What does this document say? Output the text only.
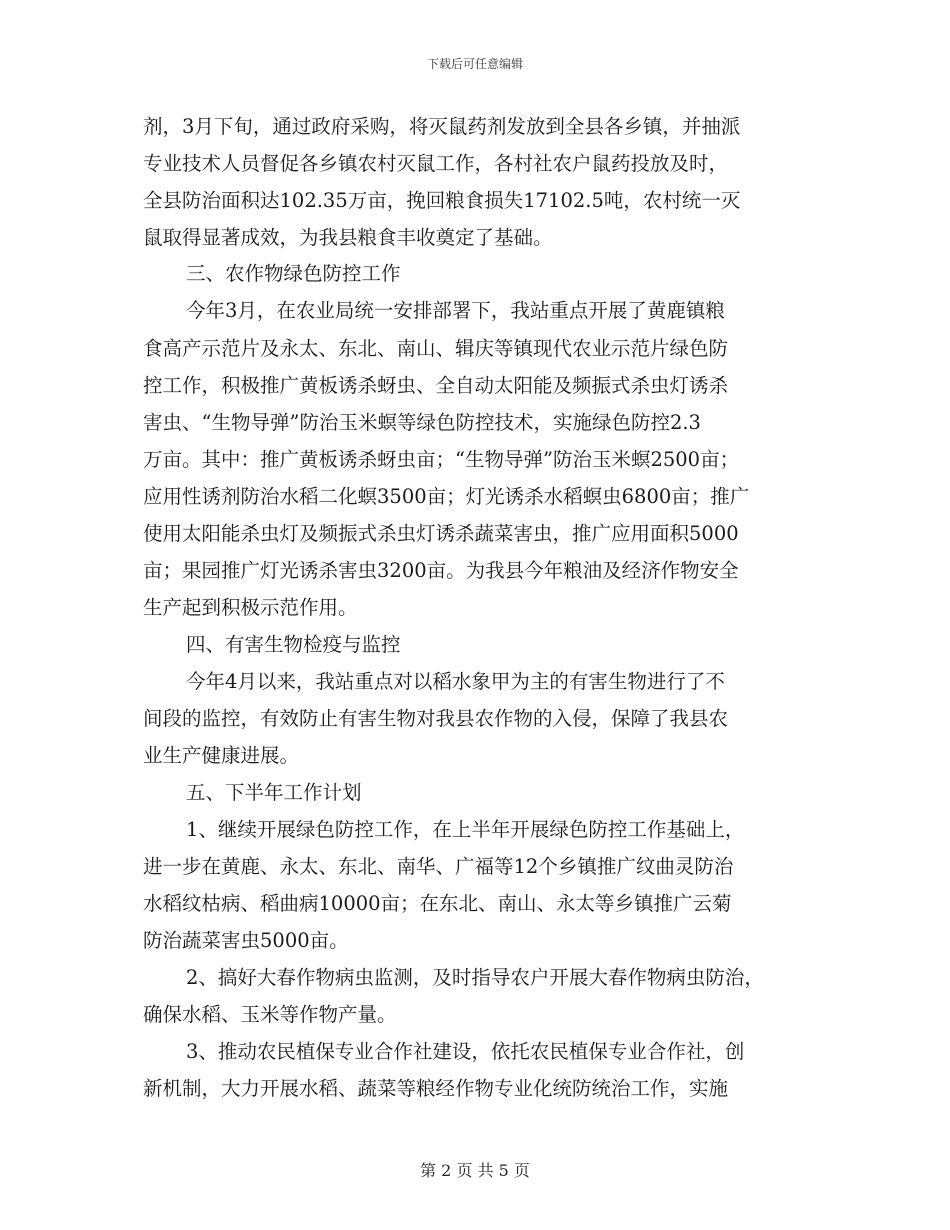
下载后可任意编辑
剂，3月下旬，通过政府采购，将灭鼠药剂发放到全县各乡镇，并抽派
专业技术人员督促各乡镇农村灭鼠工作，各村社农户鼠药投放及时，
全县防治面积达102.35万亩，挽回粮食损失17102.5吨，农村统一灭
鼠取得显著成效，为我县粮食丰收奠定了基础。
三、农作物绿色防控工作
今年3月，在农业局统一安排部署下，我站重点开展了黄鹿镇粮
食高产示范片及永太、东北、南山、辑庆等镇现代农业示范片绿色防
控工作，积极推广黄板诱杀蚜虫、全自动太阳能及频振式杀虫灯诱杀
害虫、“生物导弹”防治玉米螟等绿色防控技术，实施绿色防控2.3
万亩。其中：推广黄板诱杀蚜虫亩；“生物导弹”防治玉米螟2500亩；
应用性诱剂防治水稻二化螟3500亩；灯光诱杀水稻螟虫6800亩；推广
使用太阳能杀虫灯及频振式杀虫灯诱杀蔬菜害虫，推广应用面积5000
亩；果园推广灯光诱杀害虫3200亩。为我县今年粮油及经济作物安全
生产起到积极示范作用。
四、有害生物检疫与监控
今年4月以来，我站重点对以稻水象甲为主的有害生物进行了不
间段的监控，有效防止有害生物对我县农作物的入侵，保障了我县农
业生产健康进展。
五、下半年工作计划
1、继续开展绿色防控工作，在上半年开展绿色防控工作基础上，
进一步在黄鹿、永太、东北、南华、广福等12个乡镇推广纹曲灵防治
水稻纹枯病、稻曲病10000亩；在东北、南山、永太等乡镇推广云菊
防治蔬菜害虫5000亩。
2、搞好大春作物病虫监测，及时指导农户开展大春作物病虫防治，
确保水稻、玉米等作物产量。
3、推动农民植保专业合作社建设，依托农民植保专业合作社，创
新机制，大力开展水稻、蔬菜等粮经作物专业化统防统治工作，实施
第 2 页 共 5 页
